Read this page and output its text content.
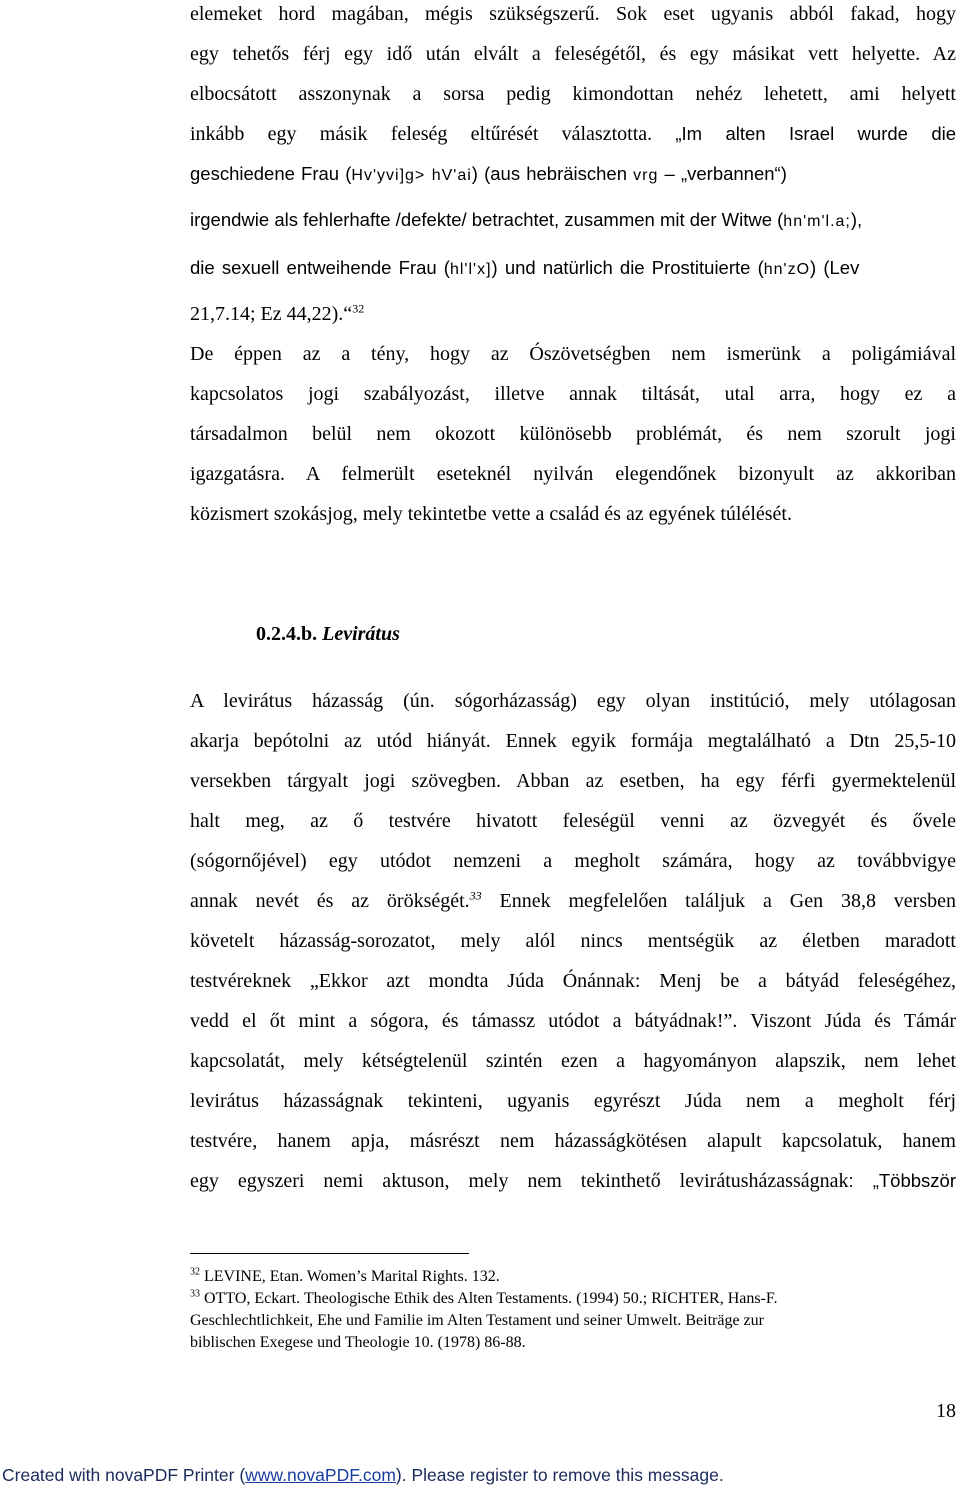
elemeket hord magában, mégis szükségszerű. Sok eset ugyanis abból fakad, hogy
egy tehetős férj egy idő után elvált a feleségétől, és egy másikat vett helyette. Az
elbocsátott asszonynak a sorsa pedig kimondottan nehéz lehetett, ami helyett
inkább egy másik feleség eltűrését választotta. „Im alten Israel wurde die
geschiedene Frau (Hv'yvi]g> hV'ai) (aus hebräischen vrg – „verbannen“)
irgendwie als fehlerhafte /defekte/ betrachtet, zusammen mit der Witwe (hn'm'l.a;),
die sexuell entweihende Frau (hl'l'x]) und natürlich die Prostituierte (hn'zO) (Lev
21,7.14; Ez 44,22).“$^{32}$
De éppen az a tény, hogy az Ószövetségben nem ismerünk a poligámiával
kapcsolatos jogi szabályozást, illetve annak tiltását, utal arra, hogy ez a
társadalmon belül nem okozott különösebb problémát, és nem szorult jogi
igazgatásra. A felmerült eseteknél nyilván elegendőnek bizonyult az akkoriban
közismert szokásjog, mely tekintetbe vette a család és az egyének túlélését.
0.2.4.b. Levirátus
A levirátus házasság (ún. sógorházasság) egy olyan institúció, mely utólagosan
akarja bepótolni az utód hiányát. Ennek egyik formája megtalálható a Dtn 25,5-10
versekben tárgyalt jogi szövegben. Abban az esetben, ha egy férfi gyermektelenül
halt meg, az ő testvére hivatott feleségül venni az özvegyét és ővele
(sógornőjével) egy utódot nemzeni a megholt számára, hogy az továbbvigye
annak nevét és az örökségét.$^{33}$ Ennek megfelelően találjuk a Gen 38,8 versben
követelt házasság-sorozatot, mely alól nincs mentségük az életben maradott
testvéreknek „Ekkor azt mondta Júda Ónánnak: Menj be a bátyád feleségéhez,
vedd el őt mint a sógora, és támassz utódot a bátyádnak!”. Viszont Júda és Támár
kapcsolatát, mely kétségtelenül szintén ezen a hagyományon alapszik, nem lehet
levirátus házasságnak tekinteni, ugyanis egyrészt Júda nem a megholt férj
testvére, hanem apja, másrészt nem házasságkötésen alapult kapcsolatuk, hanem
egy egyszeri nemi aktuson, mely nem tekinthető levirátusházasságnak: „Többször
$^{32}$ LEVINE, Etan. Women’s Marital Rights. 132.
$^{33}$ OTTO, Eckart. Theologische Ethik des Alten Testaments. (1994) 50.; RICHTER, Hans-F.
Geschlechtlichkeit, Ehe und Familie im Alten Testament und seiner Umwelt. Beiträge zur
biblischen Exegese und Theologie 10. (1978) 86-88.
18
Created with novaPDF Printer (www.novaPDF.com). Please register to remove this message.
